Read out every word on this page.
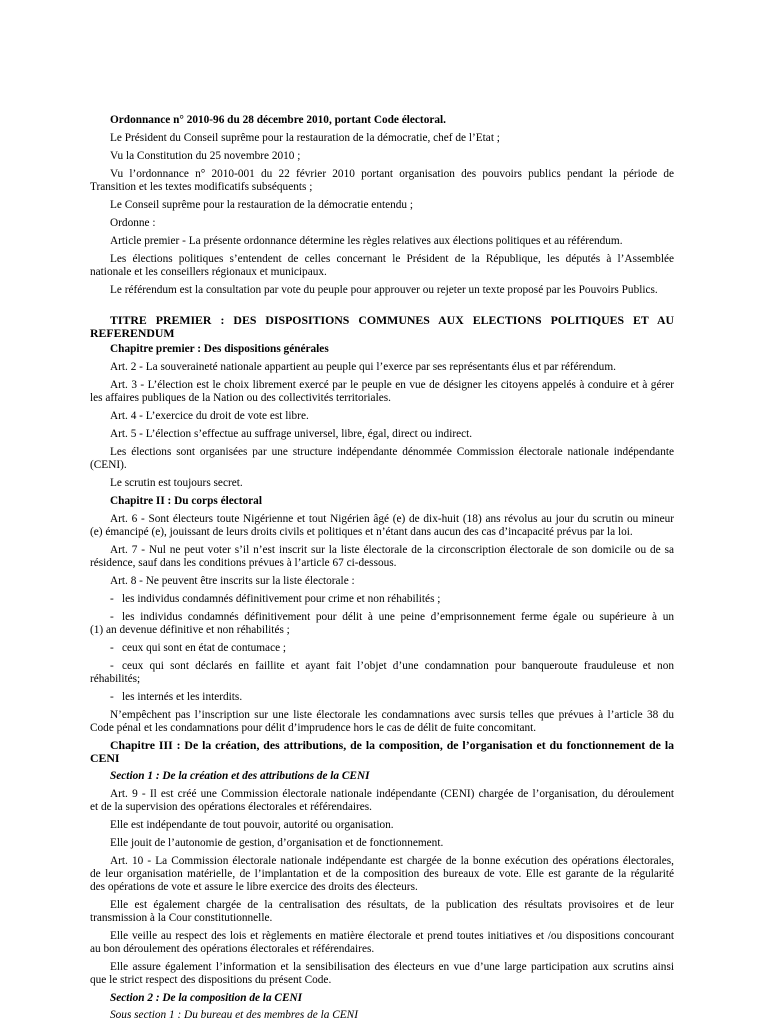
Ordonnance n° 2010-96 du 28 décembre 2010, portant Code électoral.
Le Président du Conseil suprême pour la restauration de la démocratie, chef de l’Etat ;
Vu la Constitution du 25 novembre 2010 ;
Vu l’ordonnance n° 2010-001 du 22 février 2010 portant organisation des pouvoirs publics pendant la période de
Transition et les textes modificatifs subséquents ;
Le Conseil suprême pour la restauration de la démocratie entendu ;
Ordonne :
Article premier - La présente ordonnance détermine les règles relatives aux élections politiques et au référendum.
Les élections politiques s’entendent de celles concernant le Président de la République, les députés à l’Assemblée
nationale et les conseillers régionaux et municipaux.
Le référendum est la consultation par vote du peuple pour approuver ou rejeter un texte proposé par les Pouvoirs Publics.
TITRE PREMIER : DES DISPOSITIONS COMMUNES AUX ELECTIONS POLITIQUES ET AU
REFERENDUM
Chapitre premier : Des dispositions générales
Art. 2 - La souveraineté nationale appartient au peuple qui l’exerce par ses représentants élus et par référendum.
Art. 3 - L’élection est le choix librement exercé par le peuple en vue de désigner les citoyens appelés à conduire et à gérer
les affaires publiques de la Nation ou des collectivités territoriales.
Art. 4 - L’exercice du droit de vote est libre.
Art. 5 - L’élection s’effectue au suffrage universel, libre, égal, direct ou indirect.
Les élections sont organisées par une structure indépendante dénommée Commission électorale nationale indépendante
(CENI).
Le scrutin est toujours secret.
Chapitre II : Du corps électoral
Art. 6 - Sont électeurs toute Nigérienne et tout Nigérien âgé (e) de dix-huit (18) ans révolus au jour du scrutin ou mineur
(e) émancipé (e), jouissant de leurs droits civils et politiques et n’étant dans aucun des cas d’incapacité prévus par la loi.
Art. 7 - Nul ne peut voter s’il n’est inscrit sur la liste électorale de la circonscription électorale de son domicile ou de sa
résidence, sauf dans les conditions prévues à l’article 67 ci-dessous.
Art. 8 - Ne peuvent être inscrits sur la liste électorale :
- les individus condamnés définitivement pour crime et non réhabilités ;
- les individus condamnés définitivement pour délit à une peine d’emprisonnement ferme égale ou supérieure à un
(1) an devenue définitive et non réhabilités ;
- ceux qui sont en état de contumace ;
- ceux qui sont déclarés en faillite et ayant fait l’objet d’une condamnation pour banqueroute frauduleuse et non
réhabilités;
- les internés et les interdits.
N’empêchent pas l’inscription sur une liste électorale les condamnations avec sursis telles que prévues à l’article 38 du
Code pénal et les condamnations pour délit d’imprudence hors le cas de délit de fuite concomitant.
Chapitre III : De la création, des attributions, de la composition, de l’organisation et du fonctionnement de la
CENI
Section 1 : De la création et des attributions de la CENI
Art. 9 - Il est créé une Commission électorale nationale indépendante (CENI) chargée de l’organisation, du déroulement
et de la supervision des opérations électorales et référendaires.
Elle est indépendante de tout pouvoir, autorité ou organisation.
Elle jouit de l’autonomie de gestion, d’organisation et de fonctionnement.
Art. 10 - La Commission électorale nationale indépendante est chargée de la bonne exécution des opérations électorales,
de leur organisation matérielle, de l’implantation et de la composition des bureaux de vote. Elle est garante de la régularité
des opérations de vote et assure le libre exercice des droits des électeurs.
Elle est également chargée de la centralisation des résultats, de la publication des résultats provisoires et de leur
transmission à la Cour constitutionnelle.
Elle veille au respect des lois et règlements en matière électorale et prend toutes initiatives et /ou dispositions concourant
au bon déroulement des opérations électorales et référendaires.
Elle assure également l’information et la sensibilisation des électeurs en vue d’une large participation aux scrutins ainsi
que le strict respect des dispositions du présent Code.
Section 2 : De la composition de la CENI
Sous section 1 : Du bureau et des membres de la CENI
